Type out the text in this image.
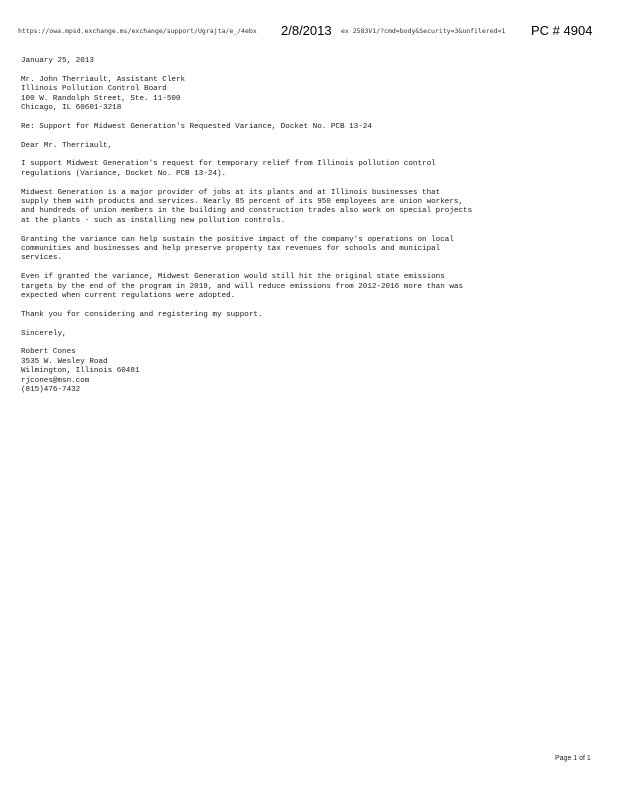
https://owa.mpsd.exchange.ms/exchange/support/Ugrajta/e_/4ebx 2/8/2013 ex 2583V1/?cmd=body&Security=3&unfilered=1 PC # 4904
January 25, 2013
Mr. John Therriault, Assistant Clerk
Illinois Pollution Control Board
100 W. Randolph Street, Ste. 11-500
Chicago, IL 60601-3218
Re: Support for Midwest Generation's Requested Variance, Docket No. PCB 13-24
Dear Mr. Therriault,
I support Midwest Generation's request for temporary relief from Illinois pollution control
regulations (Variance, Docket No. PCB 13-24).
Midwest Generation is a major provider of jobs at its plants and at Illinois businesses that
supply them with products and services. Nearly 85 percent of its 950 employees are union workers,
and hundreds of union members in the building and construction trades also work on special projects
at the plants - such as installing new pollution controls.
Granting the variance can help sustain the positive impact of the company's operations on local
communities and businesses and help preserve property tax revenues for schools and municipal
services.
Even if granted the variance, Midwest Generation would still hit the original state emissions
targets by the end of the program in 2019, and will reduce emissions from 2012-2016 more than was
expected when current regulations were adopted.
Thank you for considering and registering my support.
Sincerely,
Robert Cones
3535 W. Wesley Road
Wilmington, Illinois 60481
rjcones@msn.com
(815)476-7432
Page 1 of 1
